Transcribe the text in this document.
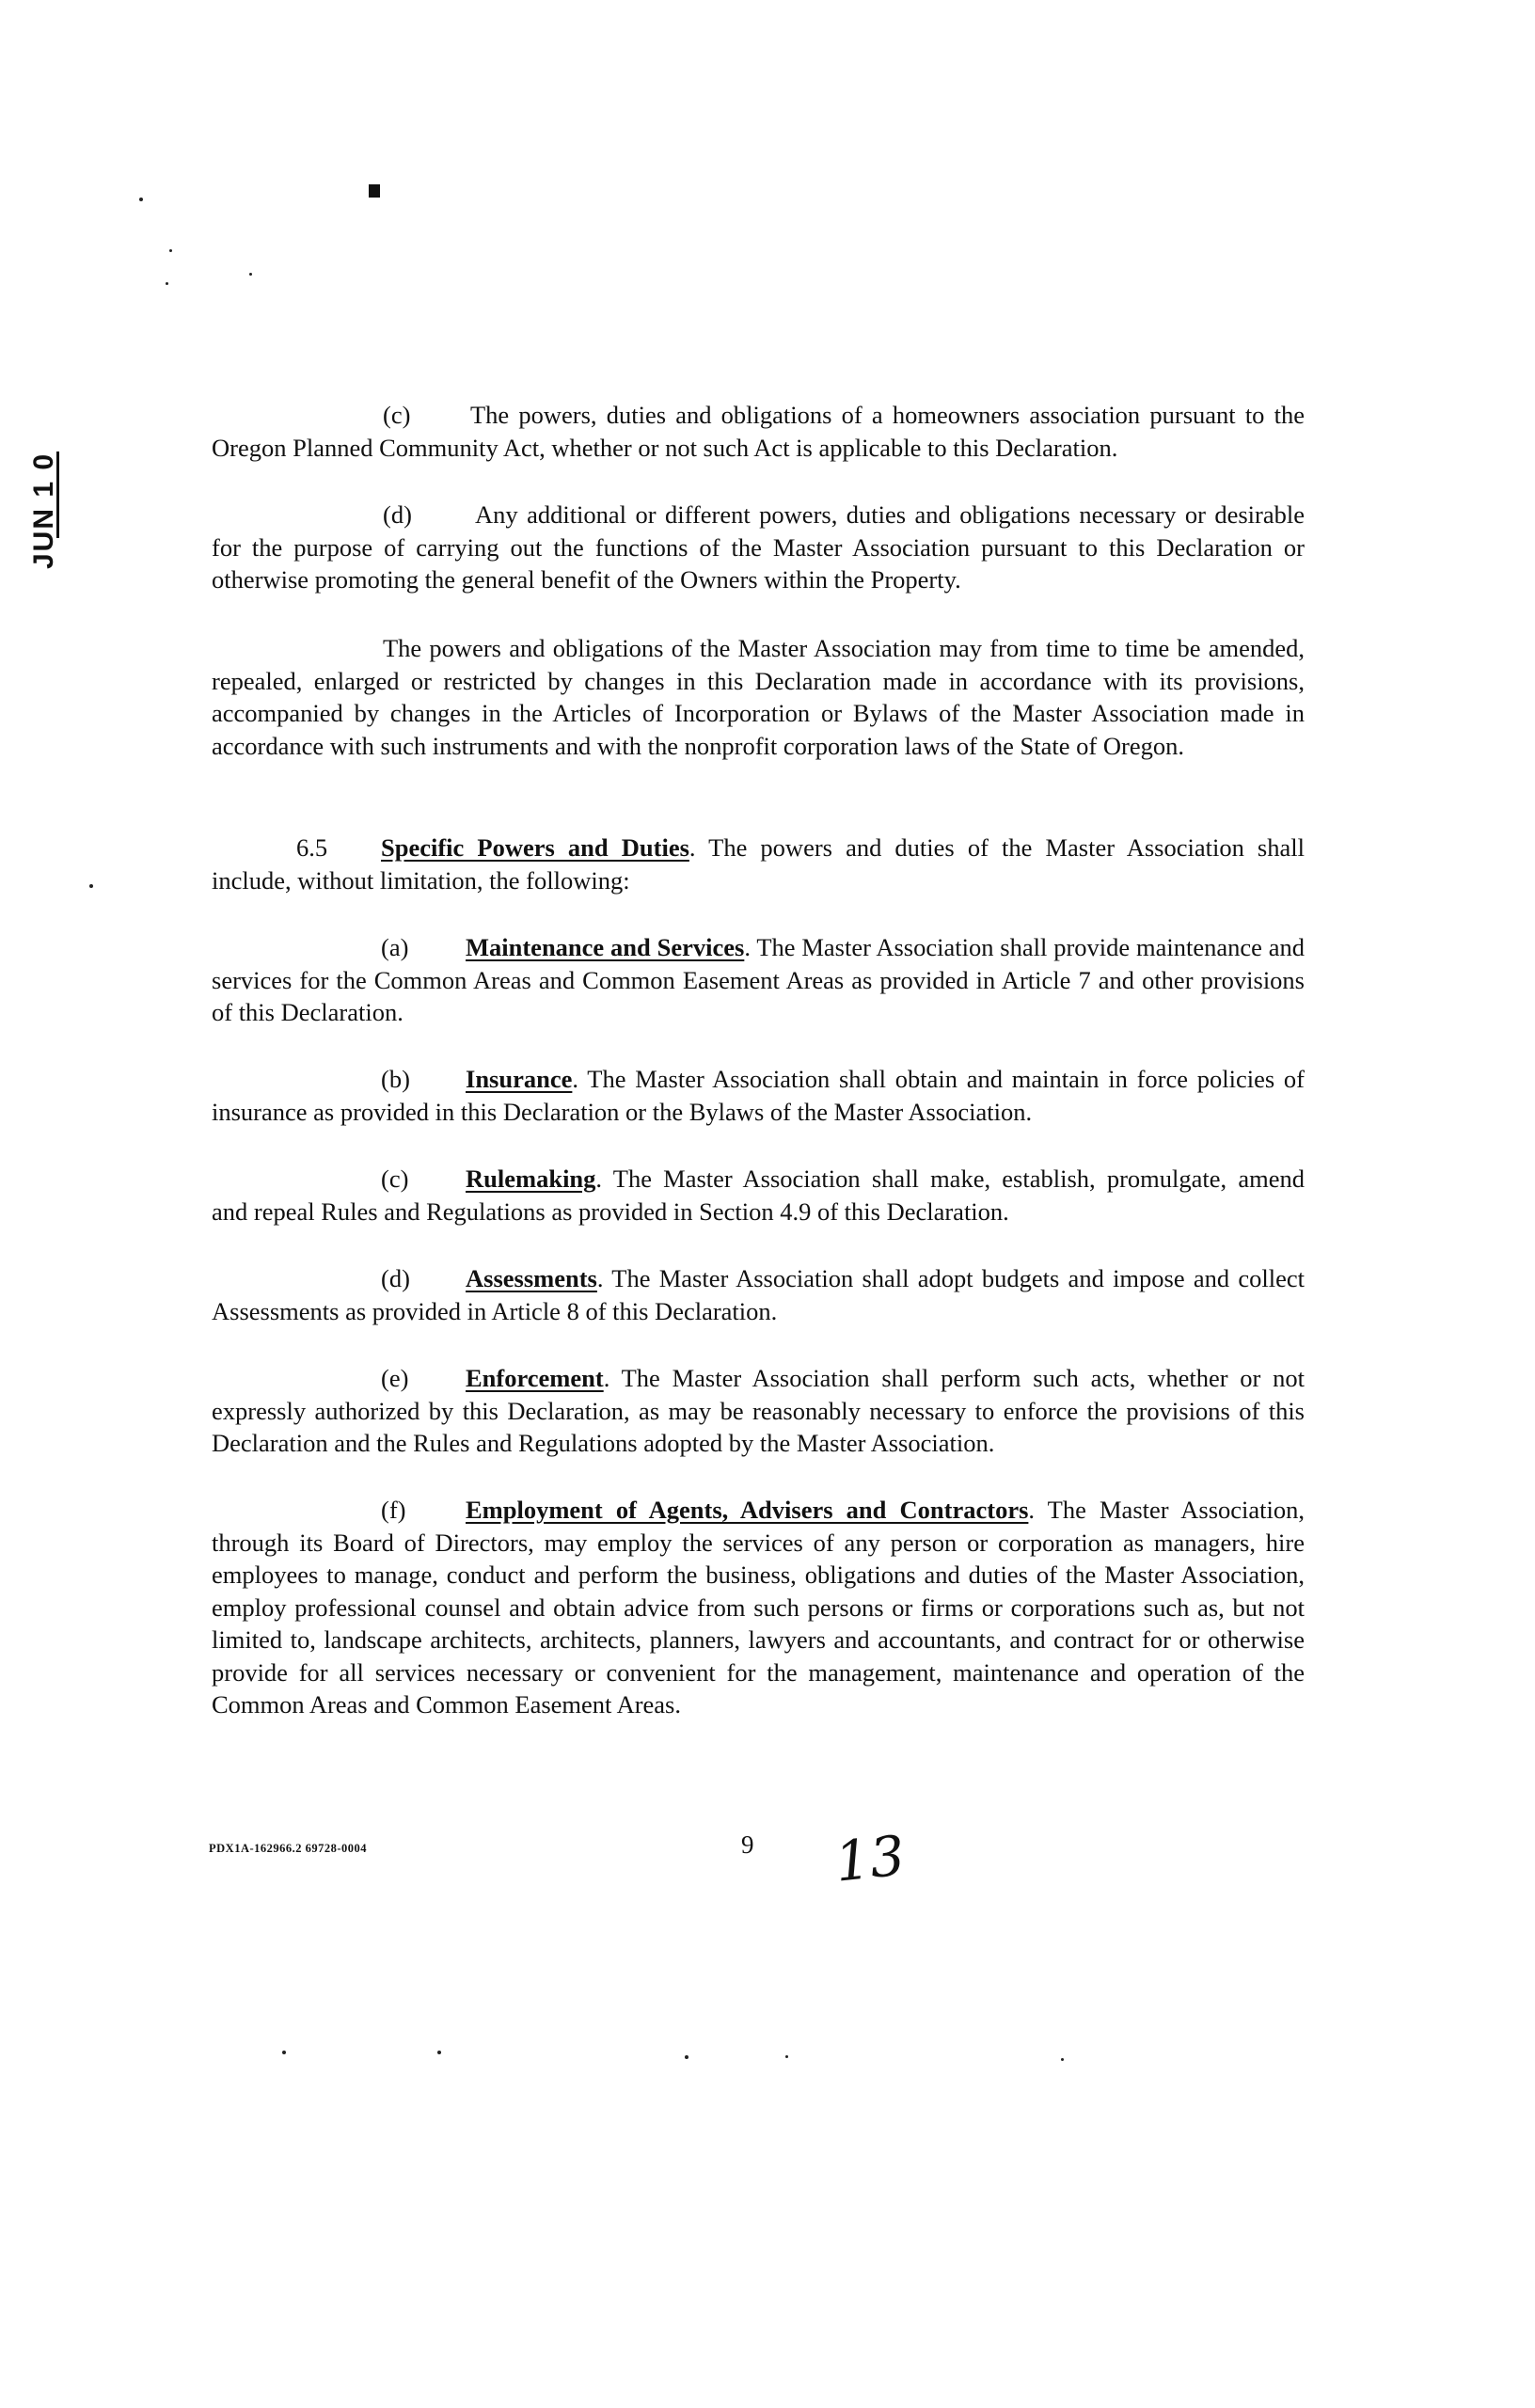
JUN 1 0

(c) The powers, duties and obligations of a homeowners association pursuant to the Oregon Planned Community Act, whether or not such Act is applicable to this Declaration.

(d)	Any additional or different powers, duties and obligations necessary or desirable for the purpose of carrying out the functions of the Master Association pursuant to this Declaration or otherwise promoting the general benefit of the Owners within the Property.

The powers and obligations of the Master Association may from time to time be amended, repealed, enlarged or restricted by changes in this Declaration made in accordance with its provisions, accompanied by changes in the Articles of Incorporation or Bylaws of the Master Association made in accordance with such instruments and with the nonprofit corporation laws of the State of Oregon.

6.5 Specific Powers and Duties. The powers and duties of the Master Association shall include, without limitation, the following:

(a) Maintenance and Services. The Master Association shall provide maintenance and services for the Common Areas and Common Easement Areas as provided in Article 7 and other provisions of this Declaration.

(b) Insurance. The Master Association shall obtain and maintain in force policies of insurance as provided in this Declaration or the Bylaws of the Master Association.

(c) Rulemaking. The Master Association shall make, establish, promulgate, amend and repeal Rules and Regulations as provided in Section 4.9 of this Declaration.

(d) Assessments. The Master Association shall adopt budgets and impose and collect Assessments as provided in Article 8 of this Declaration.

(e) Enforcement. The Master Association shall perform such acts, whether or not expressly authorized by this Declaration, as may be reasonably necessary to enforce the provisions of this Declaration and the Rules and Regulations adopted by the Master Association.

(f) Employment of Agents, Advisers and Contractors. The Master Association, through its Board of Directors, may employ the services of any person or corporation as managers, hire employees to manage, conduct and perform the business, obligations and duties of the Master Association, employ professional counsel and obtain advice from such persons or firms or corporations such as, but not limited to, landscape architects, architects, planners, lawyers and accountants, and contract for or otherwise provide for all services necessary or convenient for the management, maintenance and operation of the Common Areas and Common Easement Areas.

PDX1A-162966.2 69728-0004	9 13
